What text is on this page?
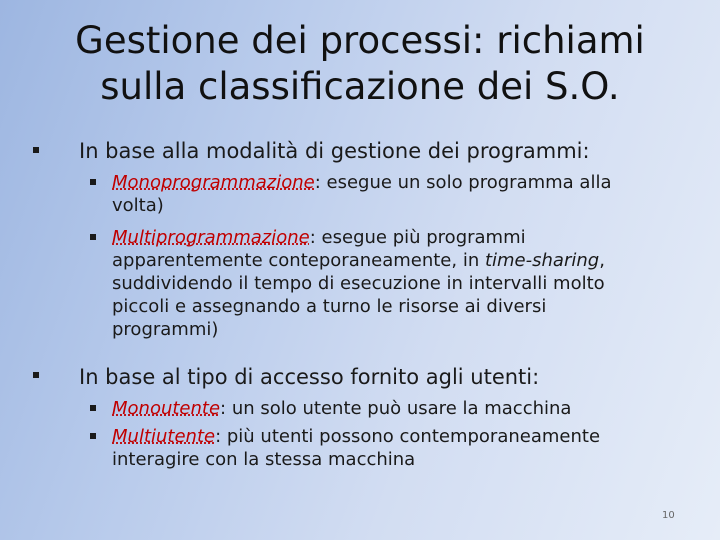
Gestione dei processi: richiami
sulla classificazione dei S.O.
In base alla modalità di gestione dei programmi:
Monoprogrammazione: esegue un solo programma alla
volta)
Multiprogrammazione: esegue più programmi
apparentemente conteporaneamente, in time-sharing,
suddividendo il tempo di esecuzione in intervalli molto
piccoli e assegnando a turno le risorse ai diversi
programmi)
In base al tipo di accesso fornito agli utenti:
Monoutente: un solo utente può usare la macchina
Multiutente: più utenti possono contemporaneamente
interagire con la stessa macchina
10
